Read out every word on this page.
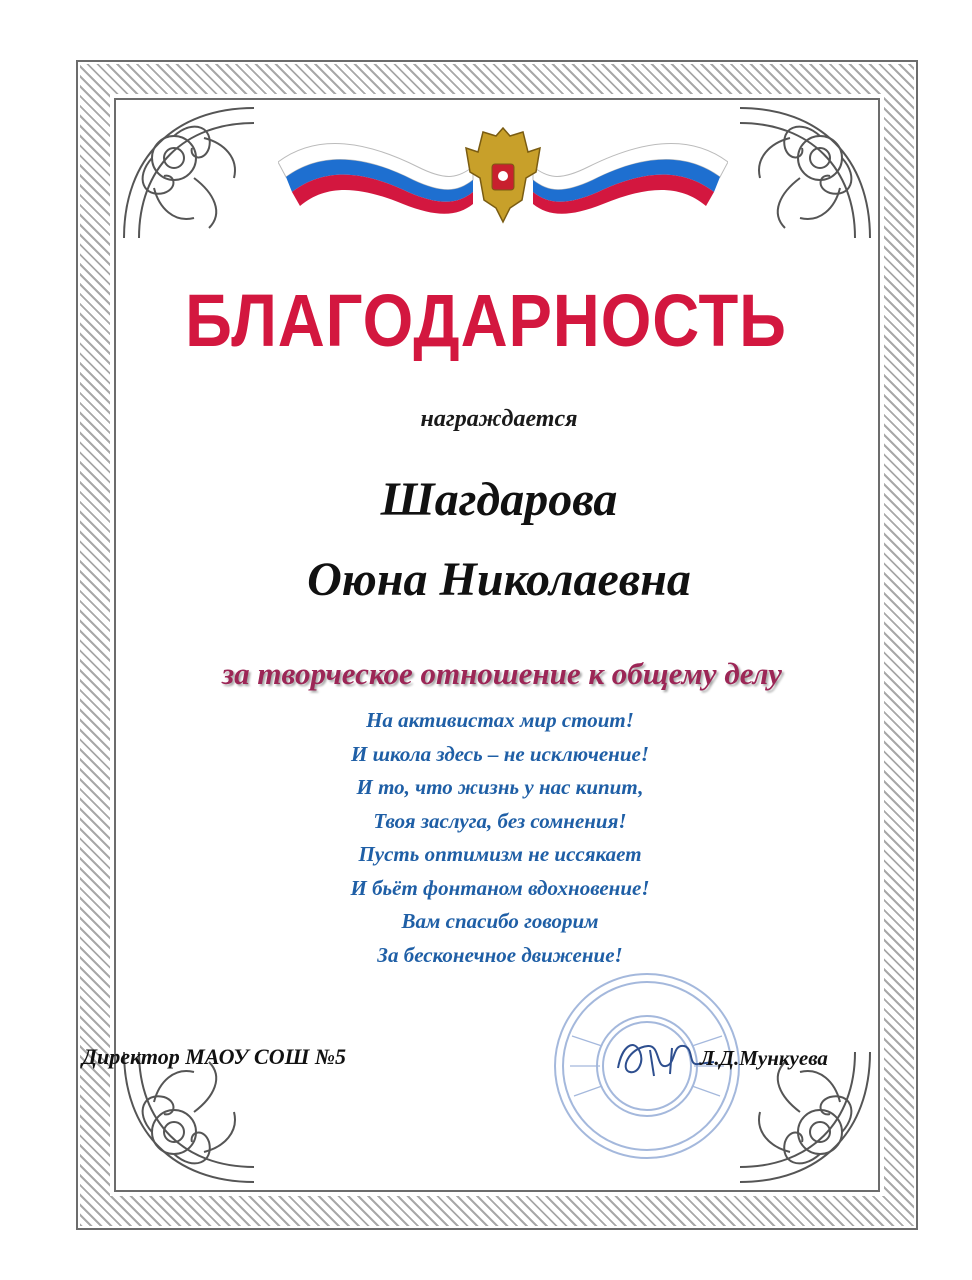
БЛАГОДАРНОСТЬ
награждается
Шагдарова
Оюна Николаевна
за творческое отношение к общему делу
На активистах мир стоит!
И школа здесь – не исключение!
И то, что жизнь у нас кипит,
Твоя заслуга, без сомнения!
Пусть оптимизм не иссякает
И бьёт фонтаном вдохновение!
Вам спасибо говорим
За бесконечное движение!
Директор МАОУ СОШ №5	Л.Д.Мункуева
